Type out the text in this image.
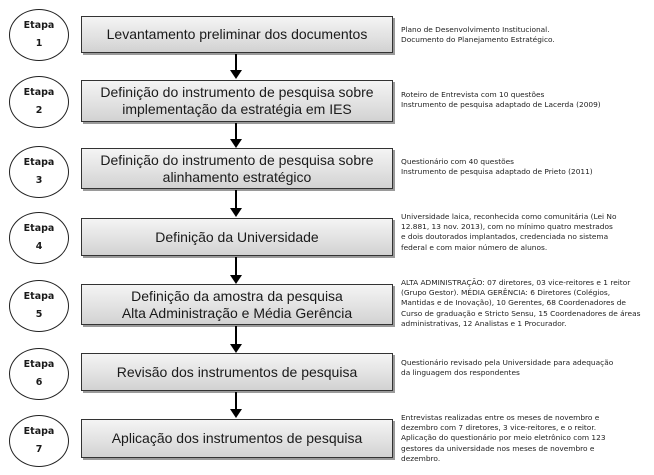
Etapa
1
Levantamento preliminar dos documentos	Plano de Desenvolvimento Institucional.
Documento do Planejamento Estratégico.
Etapa
2
Definição do instrumento de pesquisa sobre
implementação da estratégia em IES
Roteiro de Entrevista com 10 questões
Instrumento de pesquisa adaptado de Lacerda (2009)
Etapa
3
Definição do instrumento de pesquisa sobre
alinhamento estratégico
Questionário com 40 questões
Instrumento de pesquisa adaptado de Prieto (2011)
Etapa
4
Definição da Universidade
Universidade laica, reconhecida como comunitária (Lei No
12.881, 13 nov. 2013), com no mínimo quatro mestrados
e dois doutorados implantados, credenciada no sistema
federal e com maior número de alunos.
Etapa
5
Definição da amostra da pesquisa
Alta Administração e Média Gerência
ALTA ADMINISTRAÇÃO: 07 diretores, 03 vice-reitores e 1 reitor
(Grupo Gestor). MÉDIA GERÊNCIA: 6 Diretores (Colégios,
Mantidas e de Inovação), 10 Gerentes, 68 Coordenadores de
Curso de graduação e Stricto Sensu, 15 Coordenadores de áreas
administrativas, 12 Analistas e 1 Procurador.
Etapa
6
Revisão dos instrumentos de pesquisa
Questionário revisado pela Universidade para adequação
da linguagem dos respondentes
Etapa
7
Aplicação dos instrumentos de pesquisa
Entrevistas realizadas entre os meses de novembro e
dezembro com 7 diretores, 3 vice-reitores, e o reitor.
Aplicação do questionário por meio eletrônico com 123
gestores da universidade nos meses de novembro e
dezembro.
